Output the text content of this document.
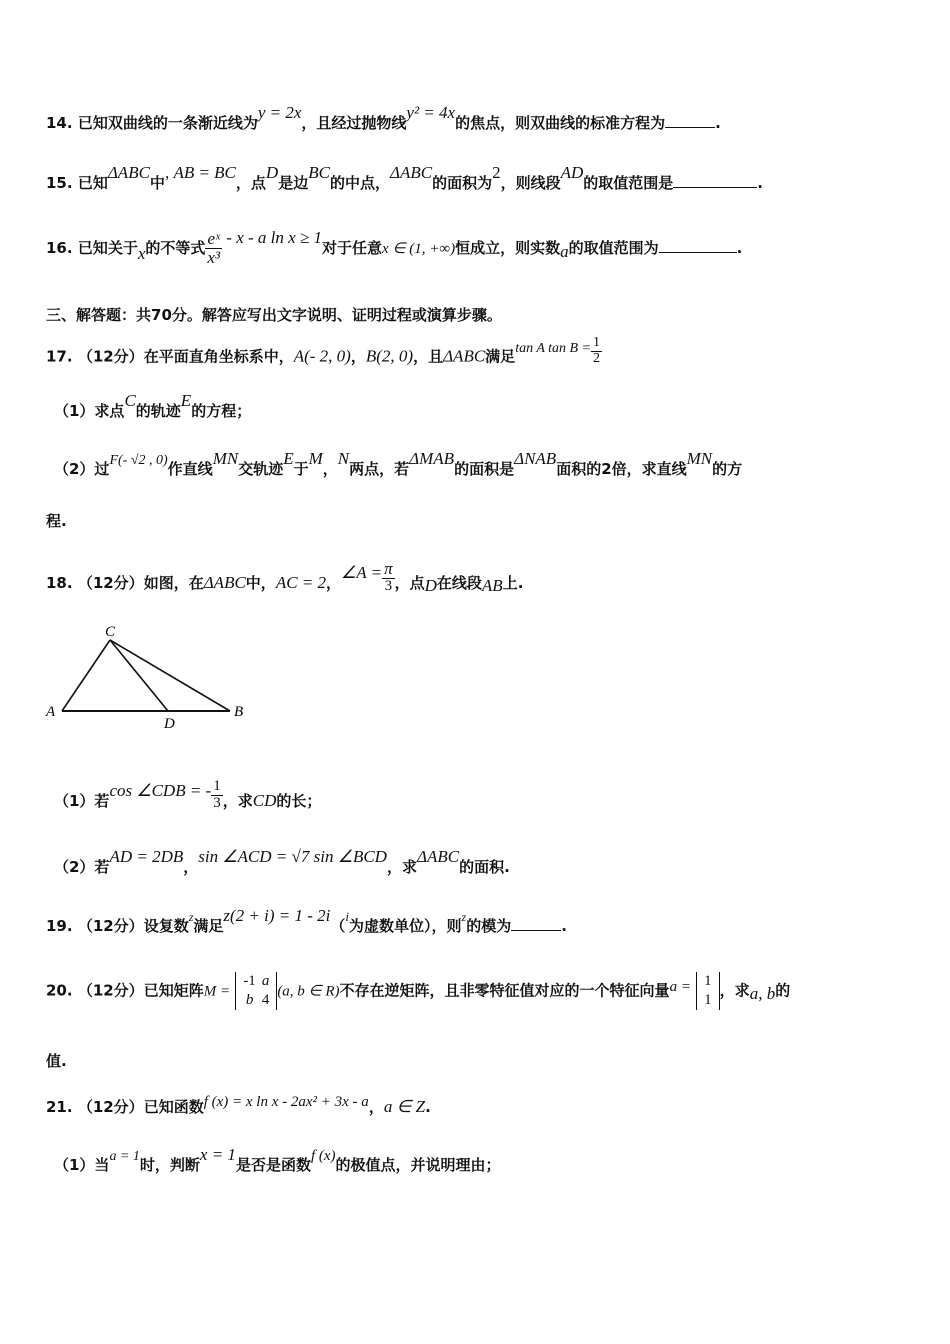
14. 已知双曲线的一条渐近线为y = 2x，且经过抛物线y² = 4x的焦点，则双曲线的标准方程为	.
15. 已知ΔABC中, AB = BC，点D是边BC的中点，ΔABC的面积为2，则线段AD的取值范围是	.
16. 已知关于x的不等式 $\frac{\text{eˣ}}{\text{x³}}$ - x - a ln x ≥ 1对于任意x ∈ (1, +∞)恒成立，则实数a的取值范围为	.
三、解答题：共70分。解答应写出文字说明、证明过程或演算步骤。
17. （12分）在平面直角坐标系中，A(- 2, 0)，B(2, 0)，且ΔABC满足tan A $\tan B = \frac{1}{2}$
（1）求点C的轨迹E的方程；
（2）过F(- √2 , 0)作直线MN交轨迹E于M，N两点，若ΔMAB的面积是ΔNAB面积的2倍，求直线MN的方
程.
18. （12分）如图，在ΔABC中，AC = 2，∠A = $\frac{\pi}{3}$ ，点D在线段AB上.
C
A
D
B
（1）若cos ∠CDB = - $\frac{1}{3}$ ，求CD的长；
（2）若AD = 2DB，sin ∠ACD = √7 sin ∠BCD，求ΔABC的面积.
19. （12分）设复数$^z$满足z(2 + i) = 1 - 2i（i为虚数单位），则$^z$的模为	.
20. （12分）已知矩阵M =
-1	a
b	4
(a, b ∈ R)不存在逆矩阵，且非零特征值对应的一个特征向量a = 1
1
，求a, b的
值.
21. （12分）已知函数f (x) = x ln x - 2ax² + 3x - a，a ∈ Z.
（1）当a = 1时，判断x = 1是否是函数f (x)的极值点，并说明理由；
